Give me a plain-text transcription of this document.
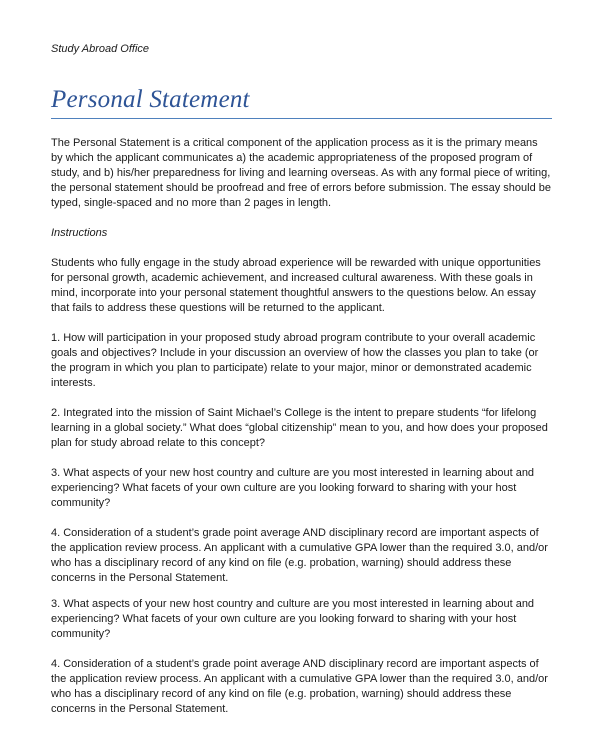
Study Abroad Office
Personal Statement

The Personal Statement is a critical component of the application process as it is the primary means by which the applicant communicates a) the academic appropriateness of the proposed program of study, and b) his/her preparedness for living and learning overseas. As with any formal piece of writing, the personal statement should be proofread and free of errors before submission. The essay should be typed, single-spaced and no more than 2 pages in length.

Instructions

Students who fully engage in the study abroad experience will be rewarded with unique opportunities for personal growth, academic achievement, and increased cultural awareness. With these goals in mind, incorporate into your personal statement thoughtful answers to the questions below. An essay that fails to address these questions will be returned to the applicant.

1. How will participation in your proposed study abroad program contribute to your overall academic goals and objectives? Include in your discussion an overview of how the classes you plan to take (or the program in which you plan to participate) relate to your major, minor or demonstrated academic interests.

2. Integrated into the mission of Saint Michael’s College is the intent to prepare students “for lifelong learning in a global society.” What does “global citizenship” mean to you, and how does your proposed plan for study abroad relate to this concept?

3. What aspects of your new host country and culture are you most interested in learning about and experiencing? What facets of your own culture are you looking forward to sharing with your host community?

4. Consideration of a student’s grade point average AND disciplinary record are important aspects of the application review process. An applicant with a cumulative GPA lower than the required 3.0, and/or who has a disciplinary record of any kind on file (e.g. probation, warning) should address these concerns in the Personal Statement.

3. What aspects of your new host country and culture are you most interested in learning about and experiencing? What facets of your own culture are you looking forward to sharing with your host community?

4. Consideration of a student’s grade point average AND disciplinary record are important aspects of the application review process. An applicant with a cumulative GPA lower than the required 3.0, and/or who has a disciplinary record of any kind on file (e.g. probation, warning) should address these concerns in the Personal Statement.
